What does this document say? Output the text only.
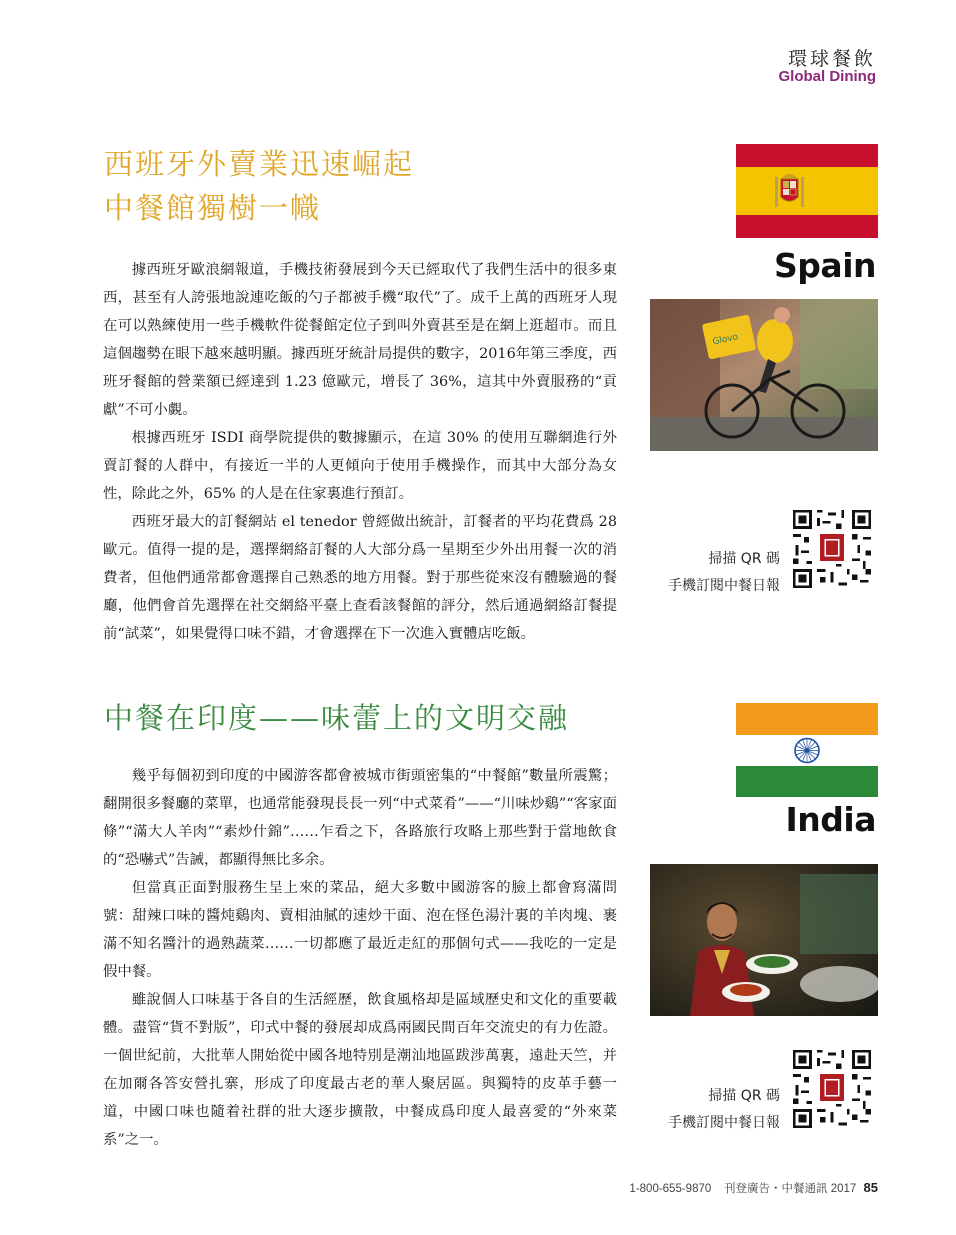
環球餐飲
Global Dining
西班牙外賣業迅速崛起
中餐館獨樹一幟

據西班牙歐浪網報道，手機技術發展到今天已經取代了我們生活中的很多東西，甚至有人誇張地說連吃飯的勺子都被手機“取代”了。成千上萬的西班牙人現在可以熟練使用一些手機軟件從餐館定位子到叫外賣甚至是在網上逛超市。而且這個趨勢在眼下越來越明顯。據西班牙統計局提供的數字，2016年第三季度，西班牙餐館的營業額已經達到 1.23 億歐元，增長了 36%，這其中外賣服務的“貢獻”不可小覷。

根據西班牙 ISDI 商學院提供的數據顯示，在這 30% 的使用互聯網進行外賣訂餐的人群中，有接近一半的人更傾向于使用手機操作，而其中大部分為女性，除此之外，65% 的人是在住家裏進行預訂。

西班牙最大的訂餐網站 el tenedor 曾經做出統計，訂餐者的平均花費爲 28 歐元。值得一提的是，選擇網絡訂餐的人大部分爲一星期至少外出用餐一次的消費者，但他們通常都會選擇自己熟悉的地方用餐。對于那些從來沒有體驗過的餐廳，他們會首先選擇在社交網絡平臺上查看該餐館的評分，然后通過網絡訂餐提前“試菜”，如果覺得口味不錯，才會選擇在下一次進入實體店吃飯。

Spain
Glovo
掃描 QR 碼
手機訂閱中餐日報
中餐在印度——味蕾上的文明交融

幾乎每個初到印度的中國游客都會被城市街頭密集的“中餐館”數量所震驚；翻開很多餐廳的菜單，也通常能發現長長一列“中式菜肴”——“川味炒鷄”“客家面條”“滿大人羊肉”“素炒什錦”……乍看之下，各路旅行攻略上那些對于當地飲食的“恐嚇式”告誡，都顯得無比多余。

但當真正面對服務生呈上來的菜品，絕大多數中國游客的臉上都會寫滿問號：甜辣口味的醬炖鷄肉、賣相油膩的速炒干面、泡在怪色湯汁裏的羊肉塊、裹滿不知名醬汁的過熟蔬菜……一切都應了最近走紅的那個句式——我吃的一定是假中餐。

雖說個人口味基于各自的生活經歷，飲食風格却是區域歷史和文化的重要載體。盡管“貨不對版”，印式中餐的發展却成爲兩國民間百年交流史的有力佐證。一個世紀前，大批華人開始從中國各地特別是潮汕地區跋涉萬裏，遠赴天竺，并在加爾各答安營扎寨，形成了印度最古老的華人聚居區。與獨特的皮革手藝一道，中國口味也隨着社群的壯大逐步擴散，中餐成爲印度人最喜愛的“外來菜系”之一。

India
掃描 QR 碼
手機訂閱中餐日報
1-800-655-9870 刊登廣告・中餐通訊 2017 85
